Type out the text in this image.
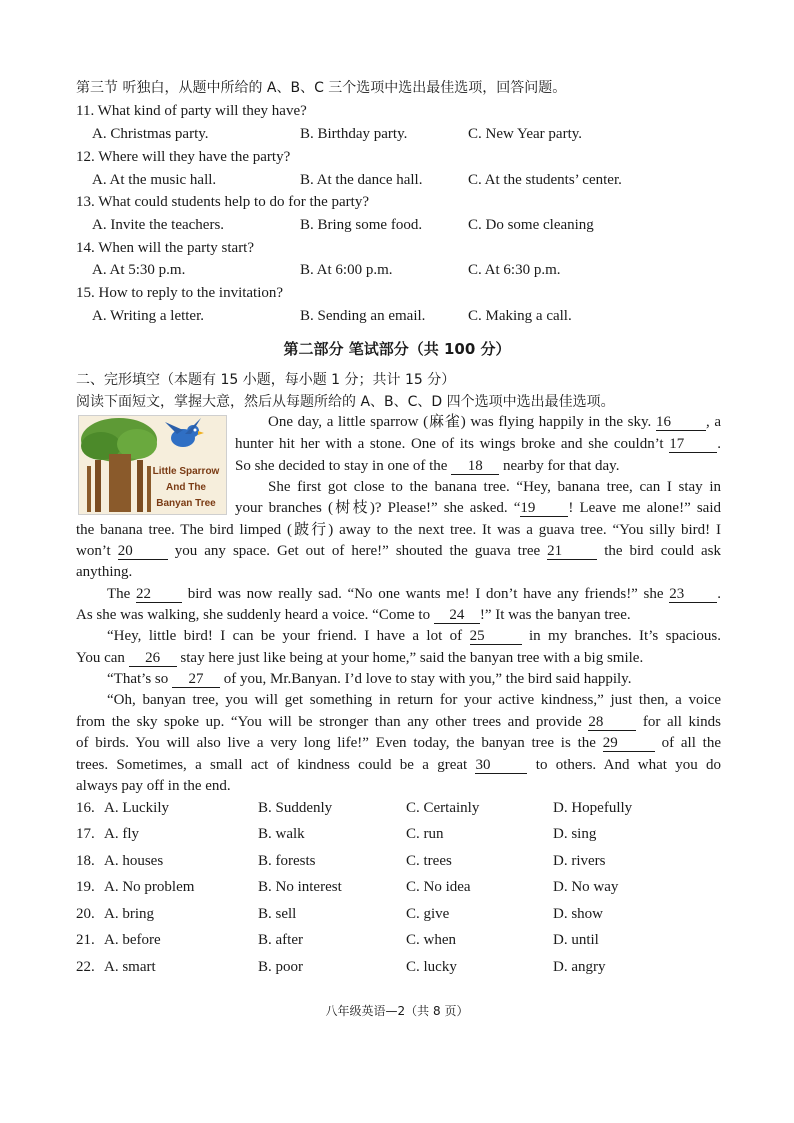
第三节 听独白，从题中所给的 A、B、C 三个选项中选出最佳选项，回答问题。
11. What kind of party will they have?
A. Christmas party.	B. Birthday party.	C. New Year party.
12. Where will they have the party?
A. At the music hall.	B. At the dance hall.	C. At the students’ center.
13. What could students help to do for the party?
A. Invite the teachers.	B. Bring some food.	C. Do some cleaning
14. When will the party start?
A. At 5:30 p.m.	B. At 6:00 p.m.	C. At 6:30 p.m.
15. How to reply to the invitation?
A. Writing a letter.	B. Sending an email.	C. Making a call.
第二部分 笔试部分（共 100 分）
二、完形填空（本题有 15 小题，每小题 1 分；共计 15 分）
阅读下面短文，掌握大意，然后从每题所给的 A、B、C、D 四个选项中选出最佳选项。
Little Sparrow
And The
Banyan Tree
One day, a little sparrow (麻雀) was flying happily in the sky. 16 , a
hunter hit her with a stone. One of its wings broke and she couldn’t 17 .
So she decided to stay in one of the 18 nearby for that day.
She first got close to the banana tree. “Hey, banana tree, can I stay in
your branches (树枝)? Please!” she asked. “19 ! Leave me alone!” said
the banana tree. The bird limped (跛行) away to the next tree. It was a guava tree. “You silly bird! I
won’t 20	you any space. Get out of here!” shouted the guava tree 21	the bird could ask
anything.
The 22 bird was now really sad. “No one wants me! I don’t have any friends!” she 23 .
As she was walking, she suddenly heard a voice. “Come to 24 !” It was the banyan tree.
“Hey, little bird! I can be your friend. I have a lot of 25	in my branches. It’s spacious.
You can 26 stay here just like being at your home,” said the banyan tree with a big smile.
“That’s so 27 of you, Mr.Banyan. I’d love to stay with you,” the bird said happily.
“Oh, banyan tree, you will get something in return for your active kindness,” just then, a voice
from the sky spoke up. “You will be stronger than any other trees and provide 28	for all kinds
of birds. You will also live a very long life!” Even today, the banyan tree is the 29	of all the
trees. Sometimes, a small act of kindness could be a great 30	to others. And what you do
always pay off in the end.
16. A. Luckily	B. Suddenly	C. Certainly	D. Hopefully
17. A. fly	B. walk	C. run	D. sing
18. A. houses	B. forests	C. trees	D. rivers
19. A. No problem	B. No interest	C. No idea	D. No way
20. A. bring	B. sell	C. give	D. show
21. A. before	B. after	C. when	D. until
22. A. smart	B. poor	C. lucky	D. angry
八年级英语—2（共 8 页）
